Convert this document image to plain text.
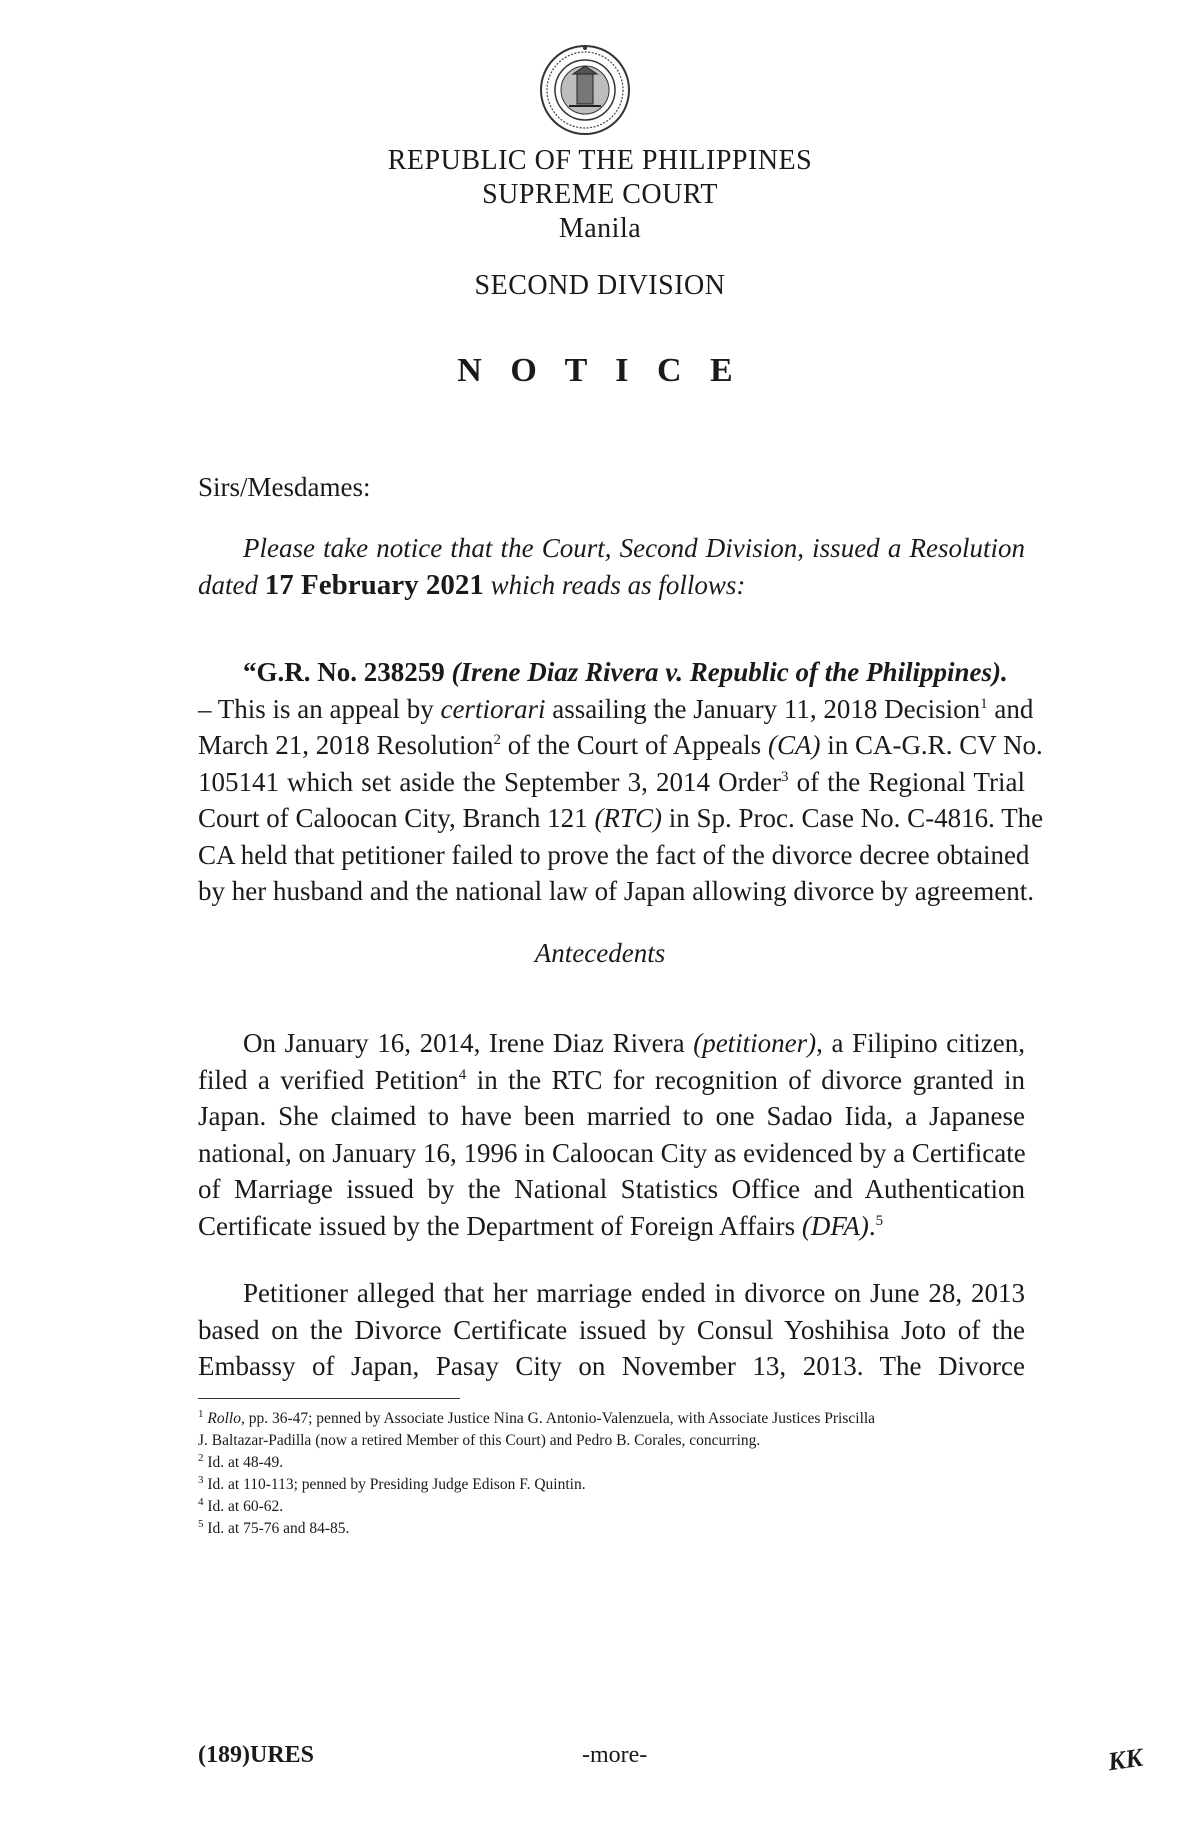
REPUBLIC OF THE PHILIPPINES
SUPREME COURT
Manila
SECOND DIVISION
N O T I C E
Sirs/Mesdames:
Please take notice that the Court, Second Division, issued a Resolution
dated 17 February 2021 which reads as follows:
“G.R. No. 238259 (Irene Diaz Rivera v. Republic of the Philippines).
– This is an appeal by certiorari assailing the January 11, 2018 Decision$^1$ and
March 21, 2018 Resolution$^2$ of the Court of Appeals (CA) in CA-G.R. CV No.
105141 which set aside the September 3, 2014 Order$^3$ of the Regional Trial
Court of Caloocan City, Branch 121 (RTC) in Sp. Proc. Case No. C-4816. The
CA held that petitioner failed to prove the fact of the divorce decree obtained
by her husband and the national law of Japan allowing divorce by agreement.
Antecedents
On January 16, 2014, Irene Diaz Rivera (petitioner), a Filipino citizen,
filed a verified Petition$^4$ in the RTC for recognition of divorce granted in
Japan. She claimed to have been married to one Sadao Iida, a Japanese
national, on January 16, 1996 in Caloocan City as evidenced by a Certificate
of Marriage issued by the National Statistics Office and Authentication
Certificate issued by the Department of Foreign Affairs (DFA).$^5$
Petitioner alleged that her marriage ended in divorce on June 28, 2013
based on the Divorce Certificate issued by Consul Yoshihisa Joto of the
Embassy of Japan, Pasay City on November 13, 2013. The Divorce
$^1$ Rollo, pp. 36-47; penned by Associate Justice Nina G. Antonio-Valenzuela, with Associate Justices Priscilla
J. Baltazar-Padilla (now a retired Member of this Court) and Pedro B. Corales, concurring.
$^2$ Id. at 48-49.
$^3$ Id. at 110-113; penned by Presiding Judge Edison F. Quintin.
$^4$ Id. at 60-62.
$^5$ Id. at 75-76 and 84-85.
(189)URES	-more-	KK
